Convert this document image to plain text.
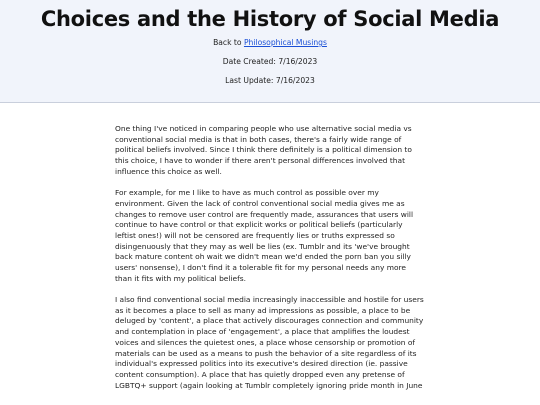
Choices and the History of Social Media

Back to Philosophical Musings

Date Created: 7/16/2023

Last Update: 7/16/2023

One thing I've noticed in comparing people who use alternative social media vs conventional social media is that in both cases, there's a fairly wide range of political beliefs involved. Since I think there definitely is a political dimension to this choice, I have to wonder if there aren't personal differences involved that influence this choice as well.

For example, for me I like to have as much control as possible over my environment. Given the lack of control conventional social media gives me as changes to remove user control are frequently made, assurances that users will continue to have control or that explicit works or political beliefs (particularly leftist ones!) will not be censored are frequently lies or truths expressed so disingenuously that they may as well be lies (ex. Tumblr and its 'we've brought back mature content oh wait we didn't mean we'd ended the porn ban you silly users' nonsense), I don't find it a tolerable fit for my personal needs any more than it fits with my political beliefs.

I also find conventional social media increasingly inaccessible and hostile for users as it becomes a place to sell as many ad impressions as possible, a place to be deluged by 'content', a place that actively discourages connection and community and contemplation in place of 'engagement', a place that amplifies the loudest voices and silences the quietest ones, a place whose censorship or promotion of materials can be used as a means to push the behavior of a site regardless of its individual's expressed politics into its executive's desired direction (ie. passive content consumption). A place that has quietly dropped even any pretense of LGBTQ+ support (again looking at Tumblr completely ignoring pride month in June
